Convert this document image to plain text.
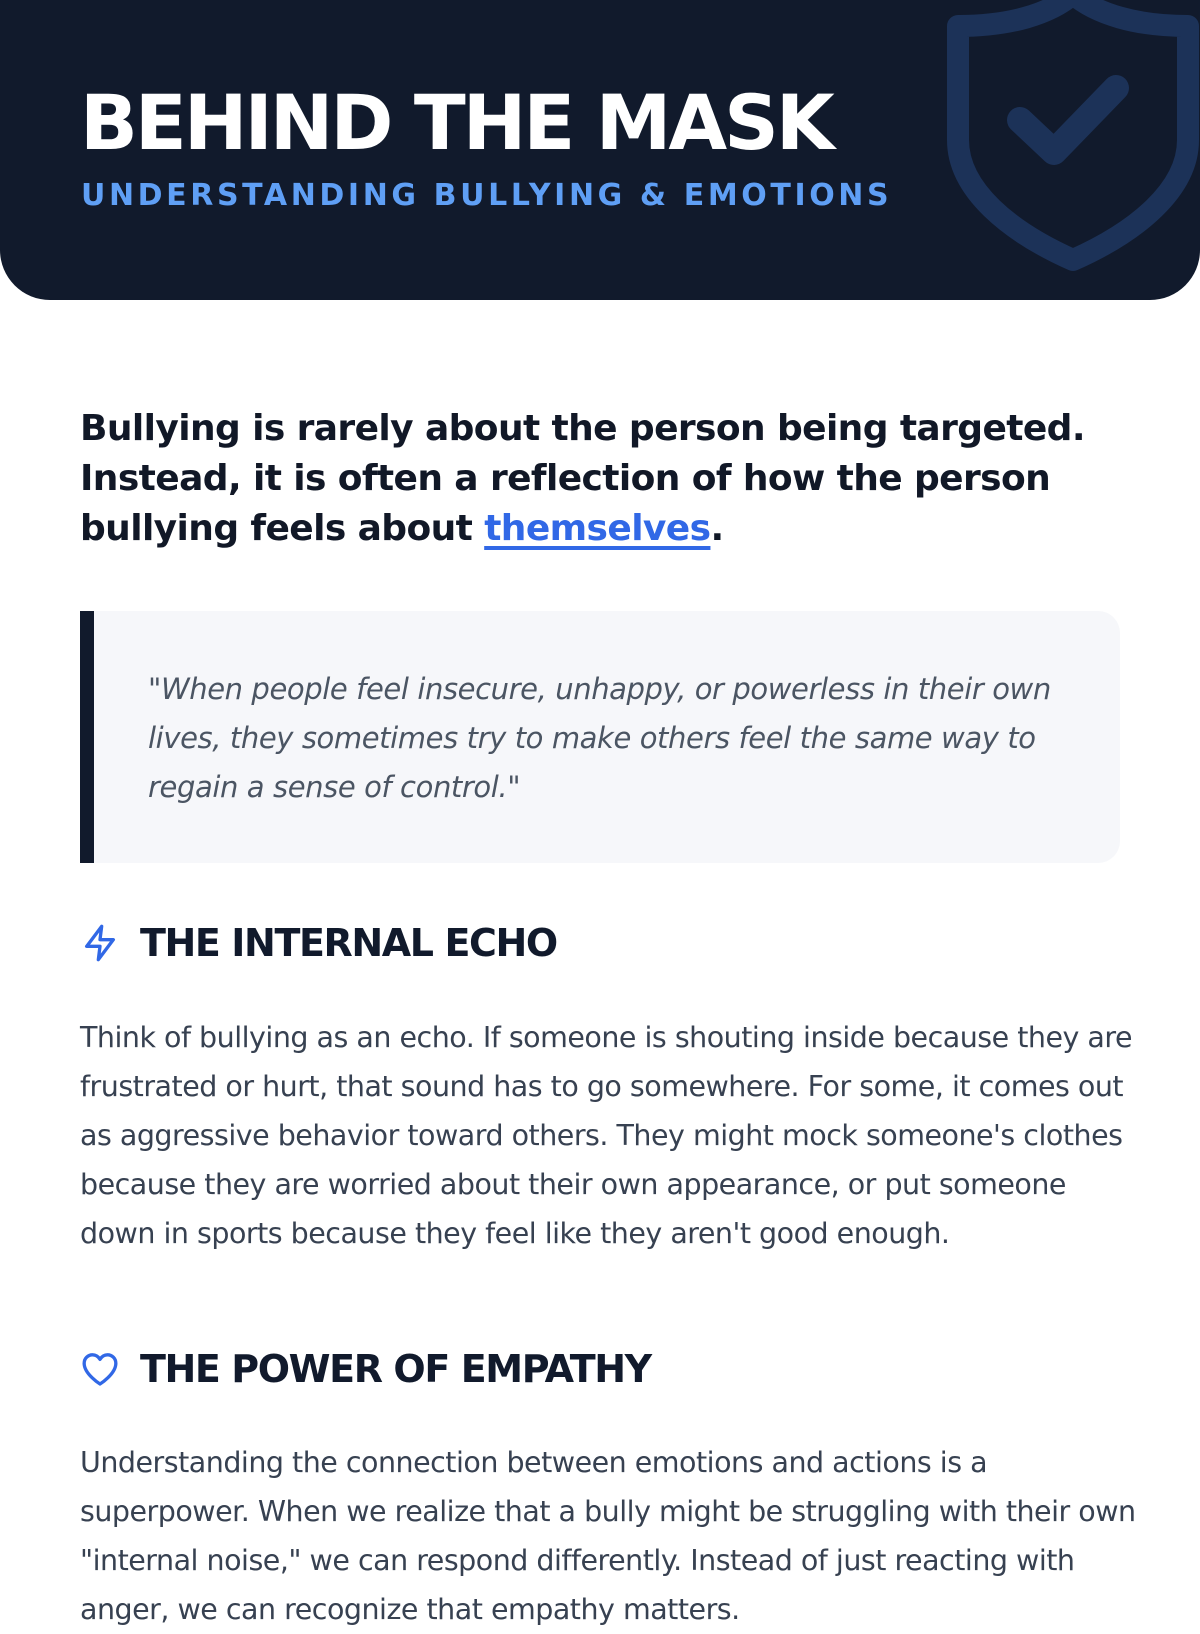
BEHIND THE MASK
UNDERSTANDING BULLYING & EMOTIONS

Bullying is rarely about the person being targeted. Instead, it is often a reflection of how the person bullying feels about themselves.

"When people feel insecure, unhappy, or powerless in their own lives, they sometimes try to make others feel the same way to regain a sense of control."

THE INTERNAL ECHO

Think of bullying as an echo. If someone is shouting inside because they are frustrated or hurt, that sound has to go somewhere. For some, it comes out as aggressive behavior toward others. They might mock someone's clothes because they are worried about their own appearance, or put someone down in sports because they feel like they aren't good enough.

THE POWER OF EMPATHY

Understanding the connection between emotions and actions is a superpower. When we realize that a bully might be struggling with their own "internal noise," we can respond differently. Instead of just reacting with anger, we can recognize that empathy matters.
